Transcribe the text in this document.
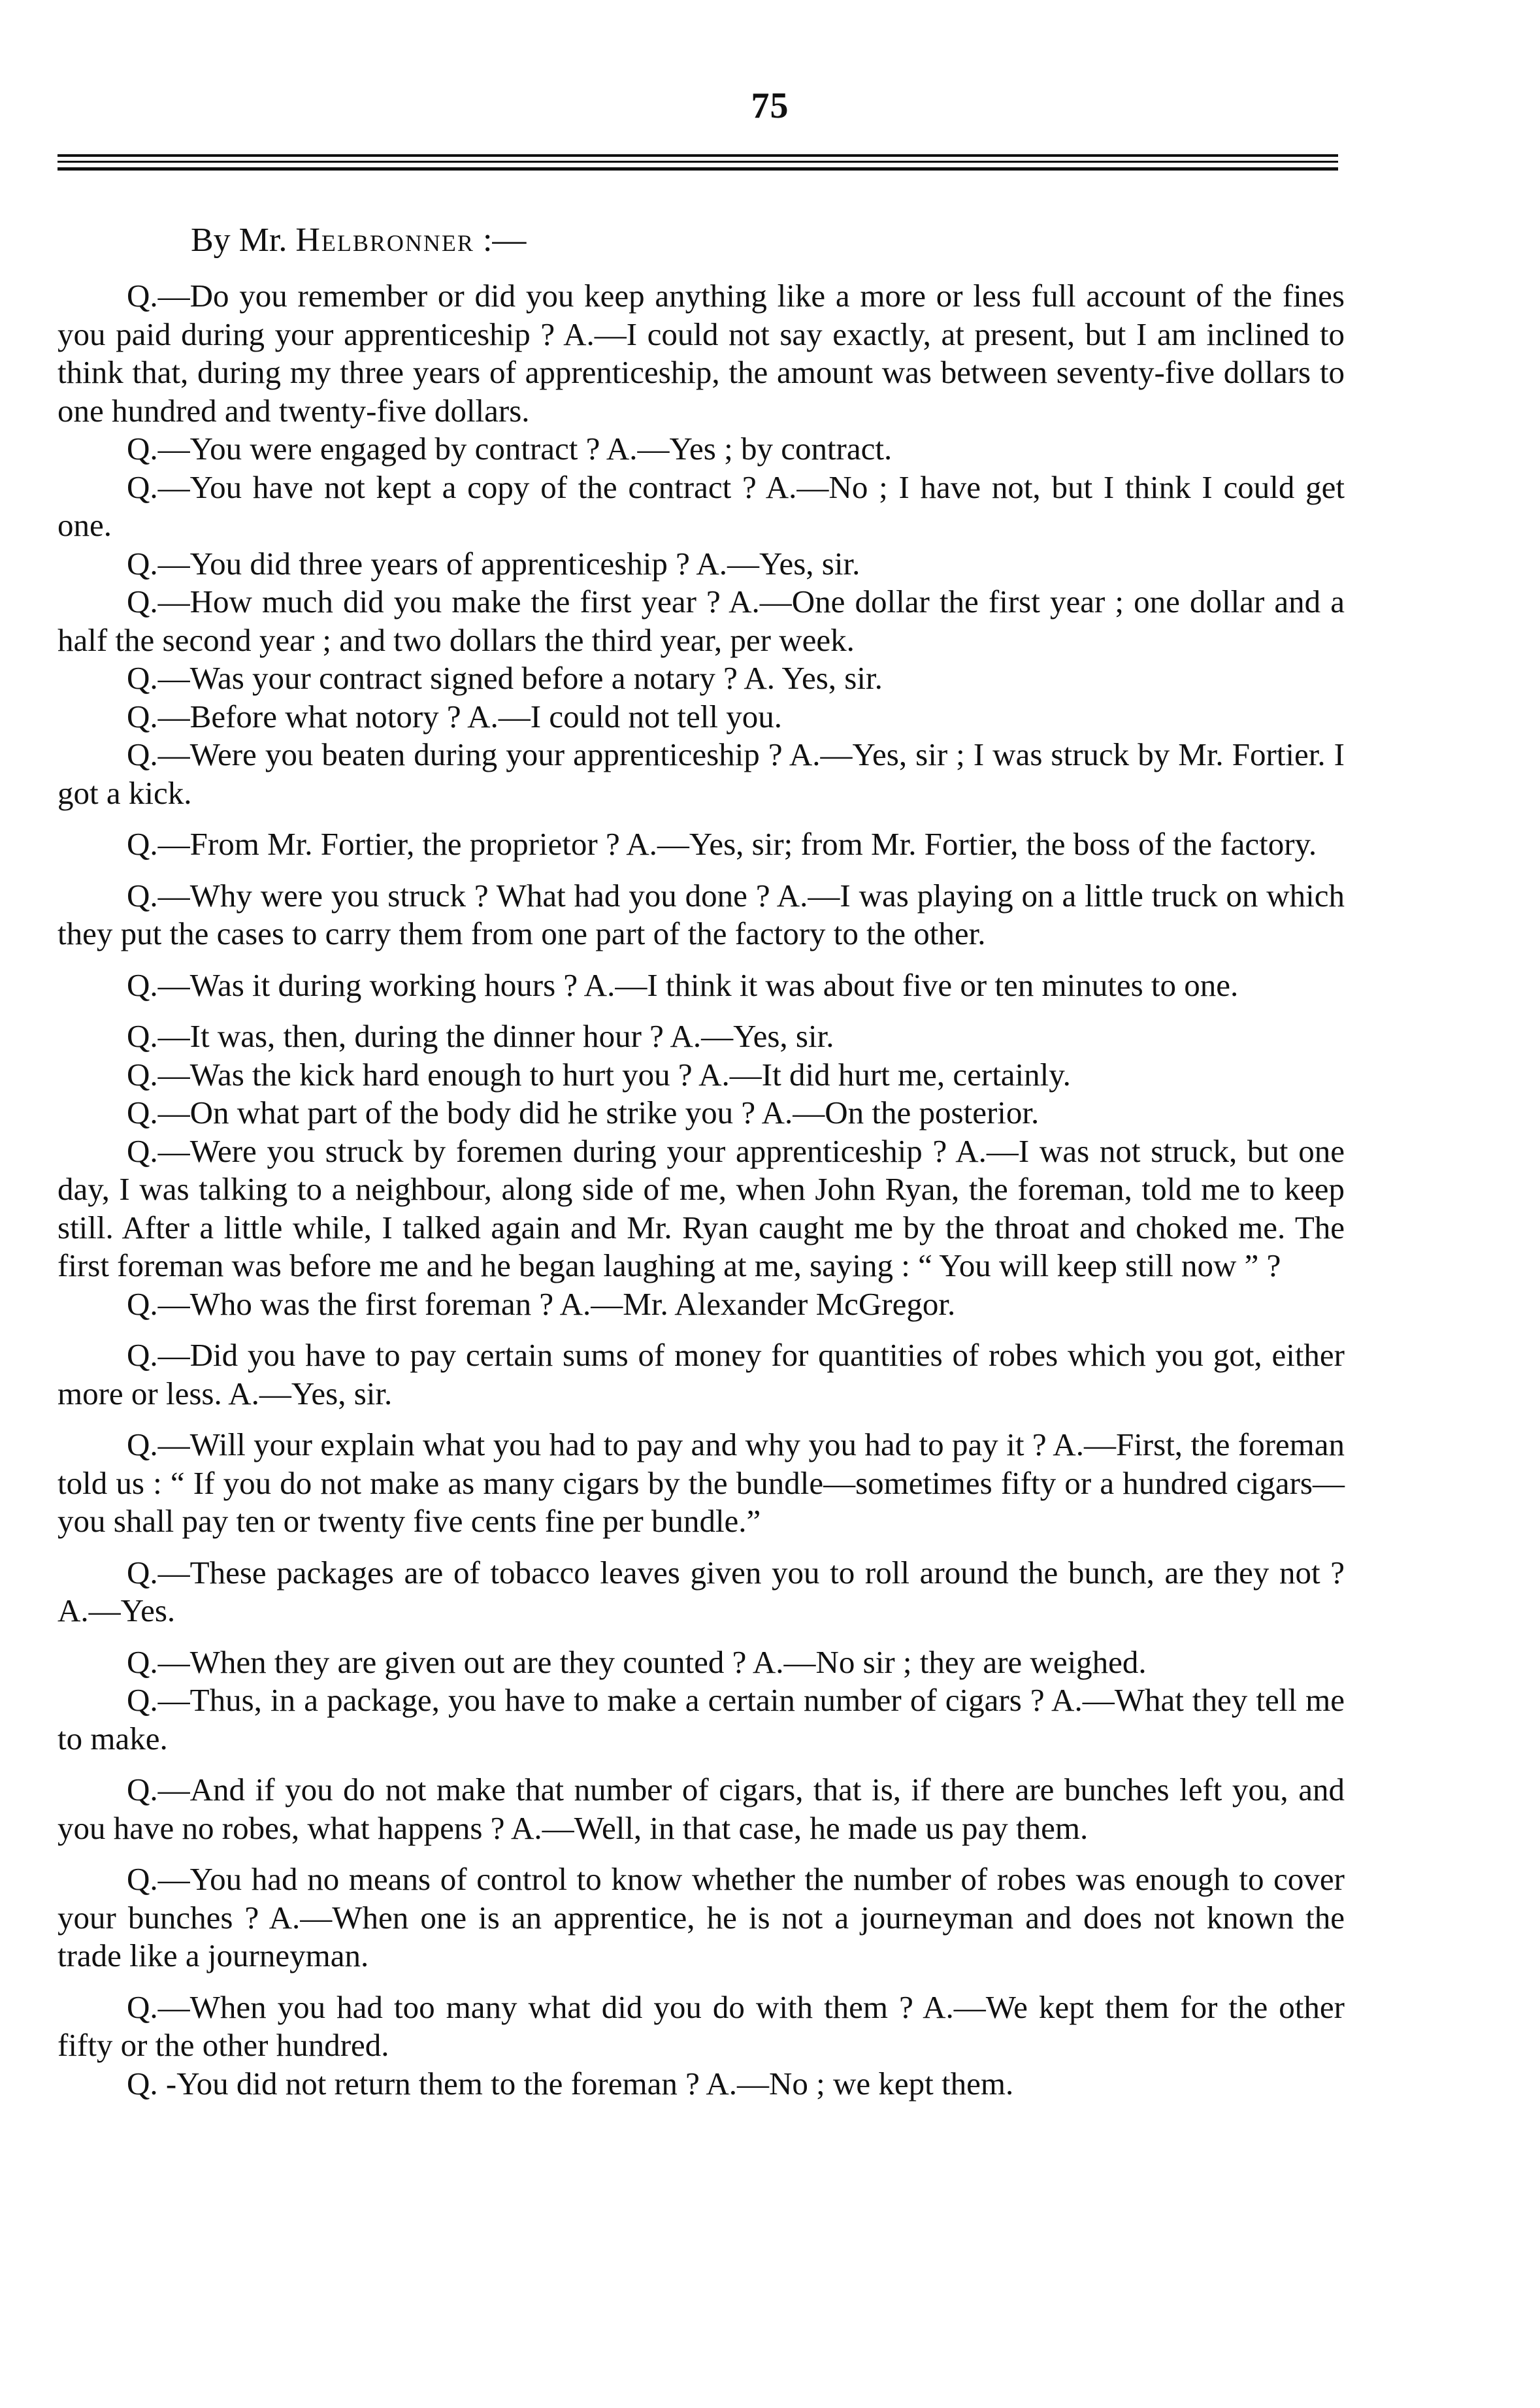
75
By Mr. Helbronner :—

Q.—Do you remember or did you keep anything like a more or less full account of the fines you paid during your apprenticeship ? A.—I could not say exactly, at present, but I am inclined to think that, during my three years of apprenticeship, the amount was between seventy-five dollars to one hundred and twenty-five dollars.

Q.—You were engaged by contract ? A.—Yes ; by contract.

Q.—You have not kept a copy of the contract ? A.—No ; I have not, but I think I could get one.

Q.—You did three years of apprenticeship ? A.—Yes, sir.

Q.—How much did you make the first year ? A.—One dollar the first year ; one dollar and a half the second year ; and two dollars the third year, per week.

Q.—Was your contract signed before a notary ? A. Yes, sir.

Q.—Before what notory ? A.—I could not tell you.

Q.—Were you beaten during your apprenticeship ? A.—Yes, sir ; I was struck by Mr. Fortier. I got a kick.

Q.—From Mr. Fortier, the proprietor ? A.—Yes, sir; from Mr. Fortier, the boss of the factory.

Q.—Why were you struck ? What had you done ? A.—I was playing on a little truck on which they put the cases to carry them from one part of the factory to the other.

Q.—Was it during working hours ? A.—I think it was about five or ten minutes to one.

Q.—It was, then, during the dinner hour ? A.—Yes, sir.

Q.—Was the kick hard enough to hurt you ? A.—It did hurt me, certainly.

Q.—On what part of the body did he strike you ? A.—On the posterior.

Q.—Were you struck by foremen during your apprenticeship ? A.—I was not struck, but one day, I was talking to a neighbour, along side of me, when John Ryan, the foreman, told me to keep still. After a little while, I talked again and Mr. Ryan caught me by the throat and choked me. The first foreman was before me and he began laughing at me, saying : “ You will keep still now ” ?

Q.—Who was the first foreman ? A.—Mr. Alexander McGregor.

Q.—Did you have to pay certain sums of money for quantities of robes which you got, either more or less. A.—Yes, sir.

Q.—Will your explain what you had to pay and why you had to pay it ? A.—First, the foreman told us : “ If you do not make as many cigars by the bundle—sometimes fifty or a hundred cigars—you shall pay ten or twenty five cents fine per bundle.”

Q.—These packages are of tobacco leaves given you to roll around the bunch, are they not ? A.—Yes.

Q.—When they are given out are they counted ? A.—No sir ; they are weighed.

Q.—Thus, in a package, you have to make a certain number of cigars ? A.—What they tell me to make.

Q.—And if you do not make that number of cigars, that is, if there are bunches left you, and you have no robes, what happens ? A.—Well, in that case, he made us pay them.

Q.—You had no means of control to know whether the number of robes was enough to cover your bunches ? A.—When one is an apprentice, he is not a journeyman and does not known the trade like a journeyman.

Q.—When you had too many what did you do with them ? A.—We kept them for the other fifty or the other hundred.

Q. -You did not return them to the foreman ? A.—No ; we kept them.
